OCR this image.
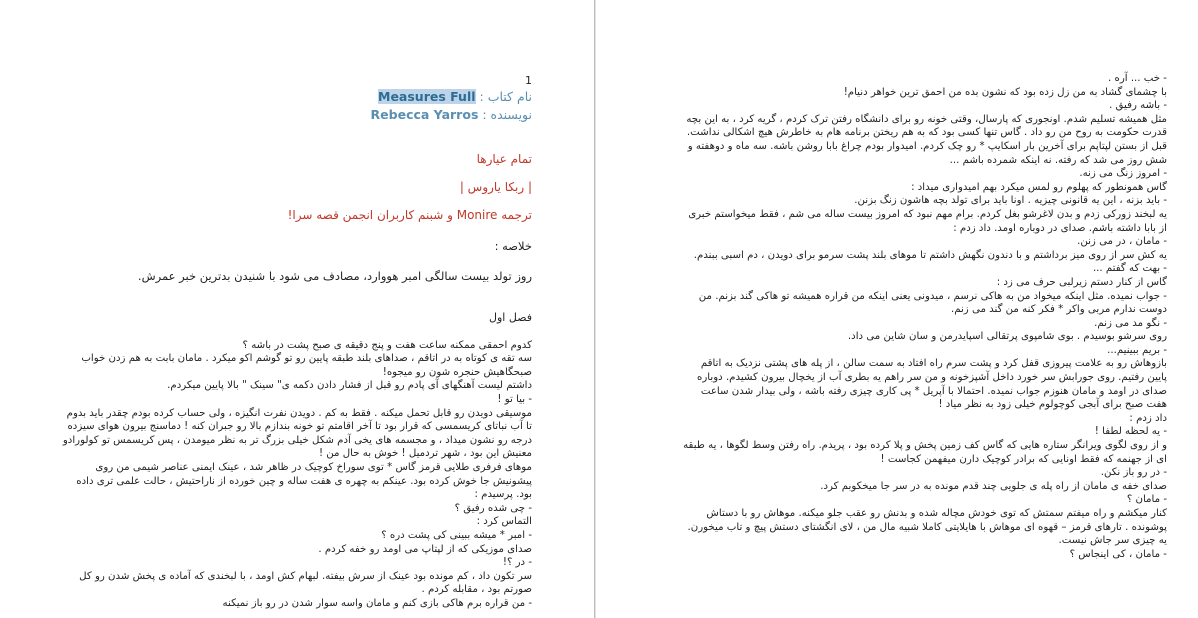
1

نام کتاب : Measures Full

نویسنده : Rebecca Yarros

تمام عیارها

| ربکا یاروس |

ترجمه Monire و شبنم کاربران انجمن قصه سرا!

خلاصه :

روز تولد بیست سالگی امبر هووارد، مصادف می شود با شنیدن بدترین خبر عمرش.

فصل اول

کدوم احمقی ممکنه ساعت هفت و پنج دقیقه ی صبح پشت در باشه ؟

سه تقه ی کوتاه به در اتاقم ، صداهای بلند طبقه پایین رو تو گوشم اکو میکرد . مامان بابت به هم زدن خواب صبحگاهیش حنجره شون رو میجوه!

داشتم لیست آهنگهای آی پادم رو قبل از فشار دادن دکمه ی" سینک " بالا پایین میکردم.

- بیا تو !

موسیقی دویدن رو قابل تحمل میکنه . فقط به کم . دویدن نفرت انگیزه ، ولی حساب کرده بودم چقدر باید بدوم تا آب نباتای کریسمسی که قرار بود تا آخر اقامتم تو خونه بندازم بالا رو جبران کنه ! دماسنج بیرون هوای سیزده درجه رو نشون میداد ، و مجسمه های یخی آدم شکل خیلی بزرگ تر به نظر میومدن ، پس کریسمس تو کولورادو معنیش این بود ، شهر تردمیل ! خوش به حال من !

موهای فرفری طلایی قرمز گاس * توی سوراخ کوچیک در ظاهر شد ، عینک ایمنی عناصر شیمی من روی پیشونیش جا خوش کرده بود. عینکم به چهره ی هفت ساله و چین خورده از ناراحتیش ، حالت علمی تری داده بود. پرسیدم :

- چی شده رفیق ؟

التماس کرد :

- امبر * میشه ببینی کی پشت دره ؟

صدای موزیکی که از لپتاپ می اومد رو خفه کردم .

- در ؟!

سر تکون داد ، کم مونده بود عینک از سرش بیفته. لبهام کش اومد ، با لبخندی که آماده ی پخش شدن رو کل صورتم بود ، مقابله کردم .

- من قراره برم هاکی بازی کنم و مامان واسه سوار شدن در رو باز نمیکنه

- خب ... آره .

با چشمای گشاد به من زل زده بود که نشون بده من احمق ترین خواهر دنیام!

- باشه رفیق .

مثل همیشه تسلیم شدم. اونجوری که پارسال، وقتی خونه رو برای دانشگاه رفتن ترک کردم ، گریه کرد ، به این بچه قدرت حکومت به روح من رو داد . گاس تنها کسی بود که به هم ریختن برنامه هام به خاطرش هیچ اشکالی نداشت.

قبل از بستن لپتاپم برای آخرین بار اسکایپ * رو چک کردم. امیدوار بودم چراغ بابا روشن باشه. سه ماه و دوهفته و شش روز می شد که رفته. نه اینکه شمرده باشم ...

- امروز زنگ می زنه.

گاس همونطور که پهلوم رو لمس میکرد بهم امیدواری میداد :

- باید بزنه ، این یه قانونی چیزیه . اونا باید برای تولد بچه هاشون زنگ بزنن.

یه لبخند زورکی زدم و بدن لاغرشو بغل کردم. برام مهم نبود که امروز بیست ساله می شم ، فقط میخواستم خبری از بابا داشته باشم. صدای در دوباره اومد. داد زدم :

- مامان ، در می زنن.

یه کش سر از روی میز برداشتم و با دندون نگهش داشتم تا موهای بلند پشت سرمو برای دویدن ، دم اسبی ببندم.

- بهت که گفتم ...

گاس از کنار دستم زیرلبی حرف می زد :

- جواب نمیده. مثل اینکه میخواد من به هاکی نرسم ، میدونی یعنی اینکه من قراره همیشه تو هاکی گند بزنم. من دوست ندارم مربی واکر * فکر کنه من گند می زنم.

- نگو مد می زنم.

روی سرشو بوسیدم . بوی شامپوی پرتقالی اسپایدرمن و سان شاین می داد.

- بریم ببینیم...

بازوهاش رو به علامت پیروزی قفل کرد و پشت سرم راه افتاد به سمت سالن ، از پله های پشتی نزدیک به اتاقم پایین رفتیم. روی جورابش سر خورد داخل آشپزخونه و من سر راهم یه بطری آب از یخچال بیرون کشیدم. دوباره صدای در اومد و مامان هنوزم جواب نمیده. احتمالا با آپریل * پی کاری چیزی رفته باشه ، ولی بیدار شدن ساعت هفت صبح برای آبجی کوچولوم خیلی زود به نظر میاد !

داد زدم :

- یه لحظه لطفا !

و از روی لگوی ویرانگر ستاره هایی که گاس کف زمین پخش و پلا کرده بود ، پریدم. راه رفتن وسط لگوها ، یه طبقه ای از جهنمه که فقط اونایی که برادر کوچیک دارن میفهمن کجاست !

- در رو باز نکن.

صدای خفه ی مامان از راه پله ی جلویی چند قدم مونده به در سر جا میخکوبم کرد.

- مامان ؟

کنار میکشم و راه میفتم سمتش که توی خودش مچاله شده و بدنش رو عقب جلو میکنه. موهاش رو با دستاش پوشونده . تارهای قرمز – قهوه ای موهاش با هایلایتی کاملا شبیه مال من ، لای انگشتای دستش پیچ و تاب میخورن. یه چیزی سر جاش نیست.

- مامان ، کی اینجاس ؟
